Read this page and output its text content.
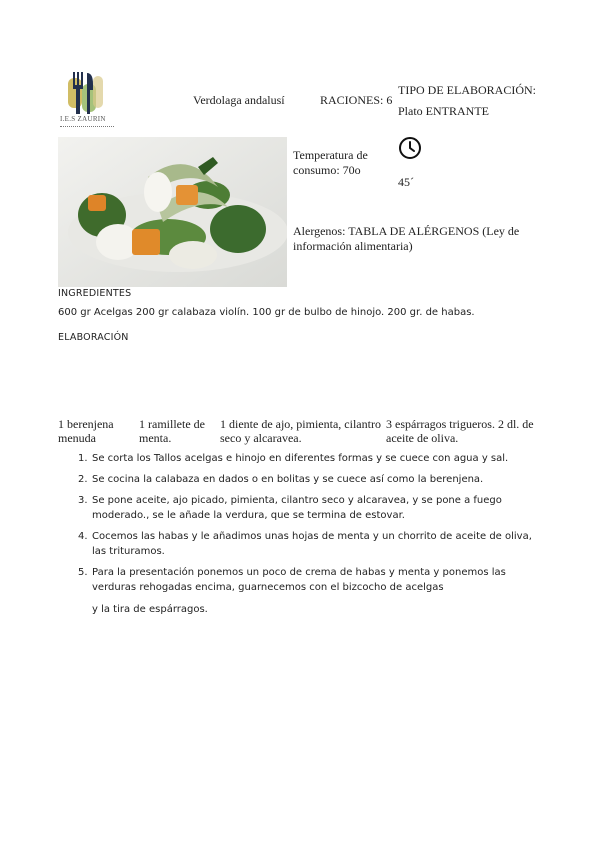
I.E.S ZAURIN
Verdolaga andalusí	RACIONES: 6
TIPO DE ELABORACIÓN:
Plato ENTRANTE
Temperatura de consumo: 70o
45´
Alergenos: TABLA DE ALÉRGENOS (Ley de información alimentaria)
INGREDIENTES
600 gr Acelgas 200 gr calabaza violín. 100 gr de bulbo de hinojo. 200 gr. de habas.
ELABORACIÓN
1 berenjena menuda
1 ramillete de menta.
1 diente de ajo, pimienta, cilantro seco y alcaravea.
3 espárragos trigueros. 2 dl. de aceite de oliva.
1. Se corta los Tallos acelgas e hinojo en diferentes formas y se cuece con agua y sal.
2. Se cocina la calabaza en dados o en bolitas y se cuece así como la berenjena.
3. Se pone aceite, ajo picado, pimienta, cilantro seco y alcaravea, y se pone a fuego moderado., se le añade la verdura, que se termina de estovar.
4. Cocemos las habas y le añadimos unas hojas de menta y un chorrito de aceite de oliva, las trituramos.
5. Para la presentación ponemos un poco de crema de habas y menta y ponemos las verduras rehogadas encima, guarnecemos con el bizcocho de acelgas
y la tira de espárragos.
